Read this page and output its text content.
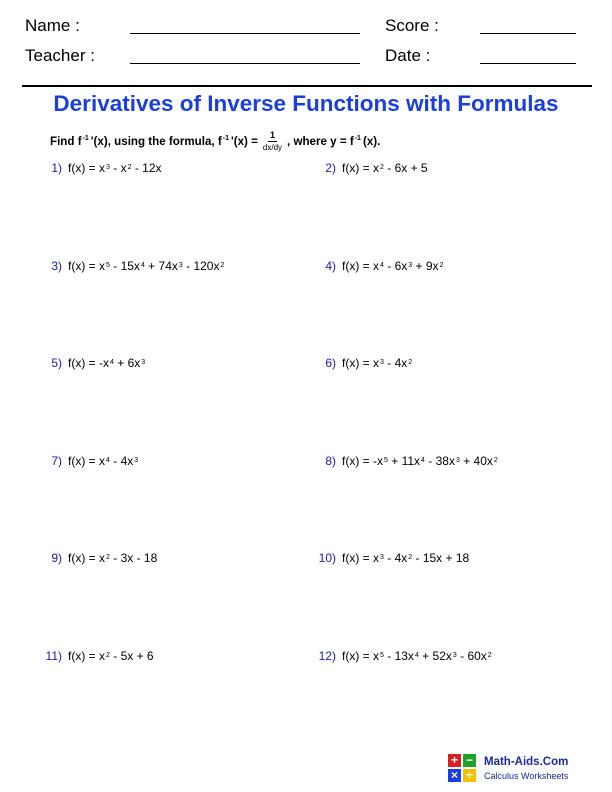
Name :	Score :
Teacher :	Date :
Derivatives of Inverse Functions with Formulas
Find $f^{-1}$ '(x), using the formula, $f^{-1}$ '$(x) = \frac{1}{dx/dy}$ , where $y = f^{-1}$ (x).
1) $f(x) = x^3 - x^2 - 12x$	2) $f(x) = x^2 - 6x + 5$
3) $f(x) = x^5 - 15x^4 + 74x^3 - 120x^2$	4) $f(x) = x^4 - 6x^3 + 9x^2$
5) $f(x) = -x^4 + 6x^3$	6) $f(x) = x^3 - 4x^2$
7) $f(x) = x^4 - 4x^3$	8) $f(x) = -x^5 + 11x^4 - 38x^3 + 40x^2$
9) $f(x) = x^2 - 3x - 18$	10) $f(x) = x^3 - 4x^2 - 15x + 18$
11) $f(x) = x^2 - 5x + 6$	12) $f(x) = x^5 - 13x^4 + 52x^3 - 60x^2$
+ −
× ÷
Math-Aids.Com
Calculus Worksheets
